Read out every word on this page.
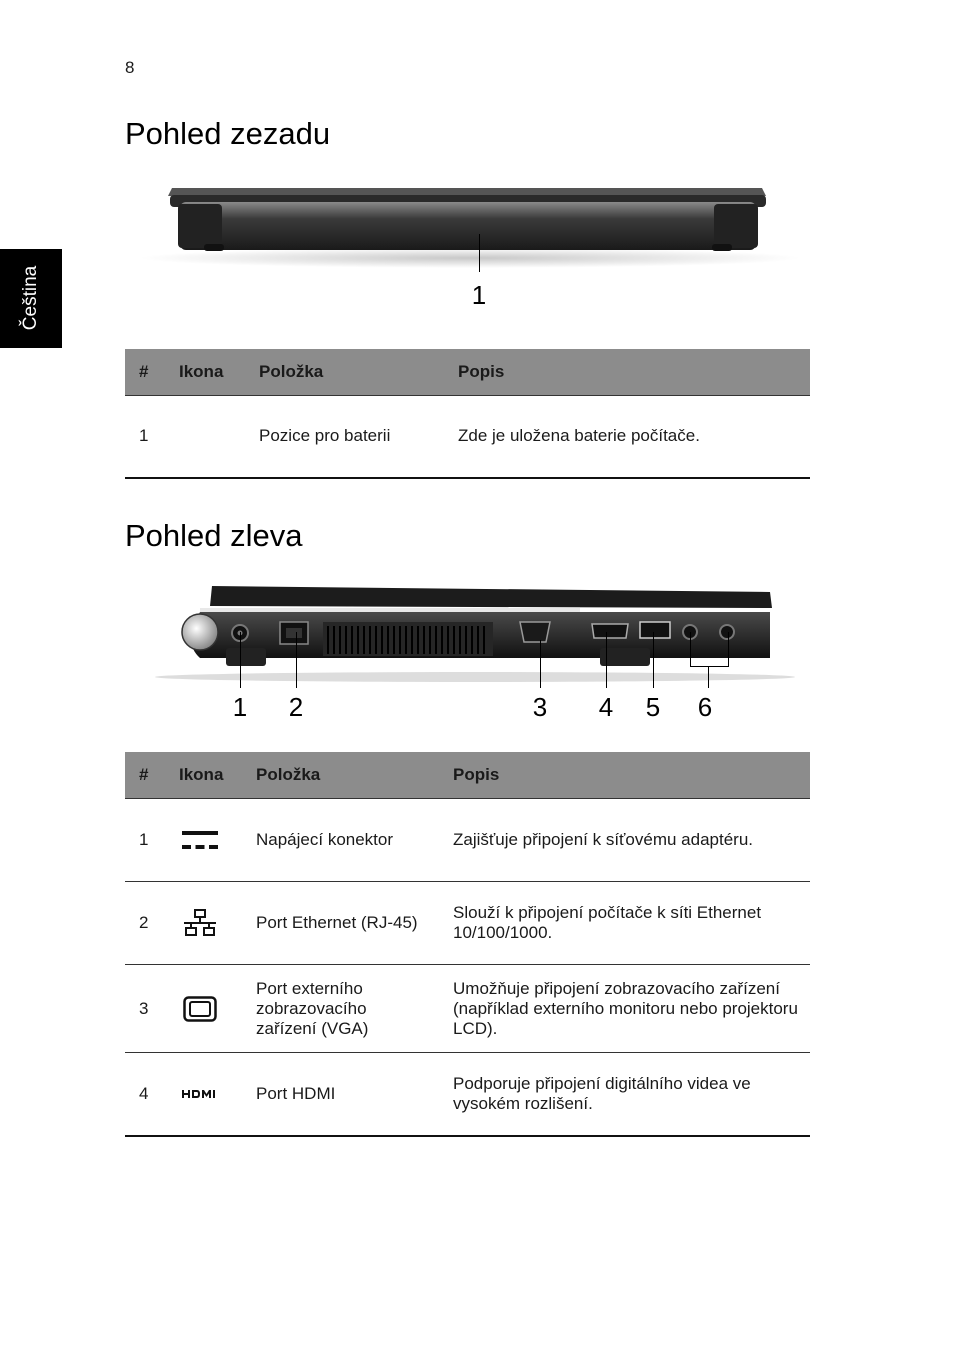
8
Čeština
Pohled zezadu
1
#	Ikona	Položka	Popis
1		Pozice pro baterii	Zde je uložena baterie počítače.
Pohled zleva
1 2	3 4 5 6
#	Ikona	Položka	Popis
1		Napájecí konektor	Zajišťuje připojení k síťovému adaptéru.
2		Port Ethernet (RJ-45)	Slouží k připojení počítače k síti Ethernet 10/100/1000.
3		Port externího zobrazovacího zařízení (VGA)	Umožňuje připojení zobrazovacího zařízení (například externího monitoru nebo projektoru LCD).
4		Port HDMI	Podporuje připojení digitálního videa ve vysokém rozlišení.
